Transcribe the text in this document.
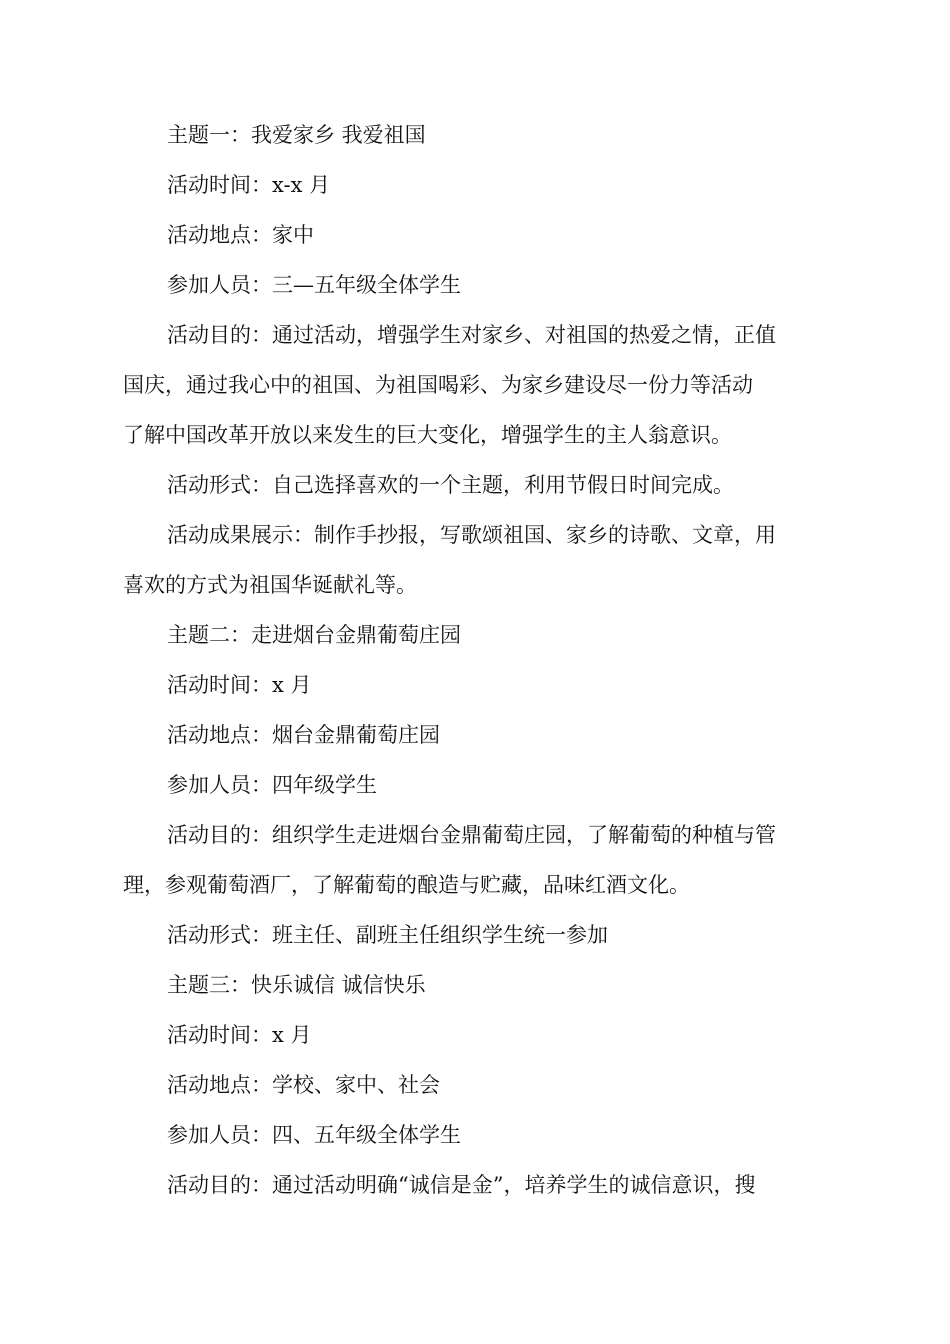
主题一：我爱家乡 我爱祖国

活动时间：x-x 月

活动地点：家中

参加人员：三—五年级全体学生

活动目的：通过活动，增强学生对家乡、对祖国的热爱之情，正值
国庆，通过我心中的祖国、为祖国喝彩、为家乡建设尽一份力等活动
了解中国改革开放以来发生的巨大变化，增强学生的主人翁意识。

活动形式：自己选择喜欢的一个主题，利用节假日时间完成。

活动成果展示：制作手抄报，写歌颂祖国、家乡的诗歌、文章，用
喜欢的方式为祖国华诞献礼等。

主题二：走进烟台金鼎葡萄庄园

活动时间：x 月

活动地点：烟台金鼎葡萄庄园

参加人员：四年级学生

活动目的：组织学生走进烟台金鼎葡萄庄园，了解葡萄的种植与管
理，参观葡萄酒厂，了解葡萄的酿造与贮藏，品味红酒文化。

活动形式：班主任、副班主任组织学生统一参加

主题三：快乐诚信 诚信快乐

活动时间：x 月

活动地点：学校、家中、社会

参加人员：四、五年级全体学生

活动目的：通过活动明确“诚信是金”，培养学生的诚信意识，搜
